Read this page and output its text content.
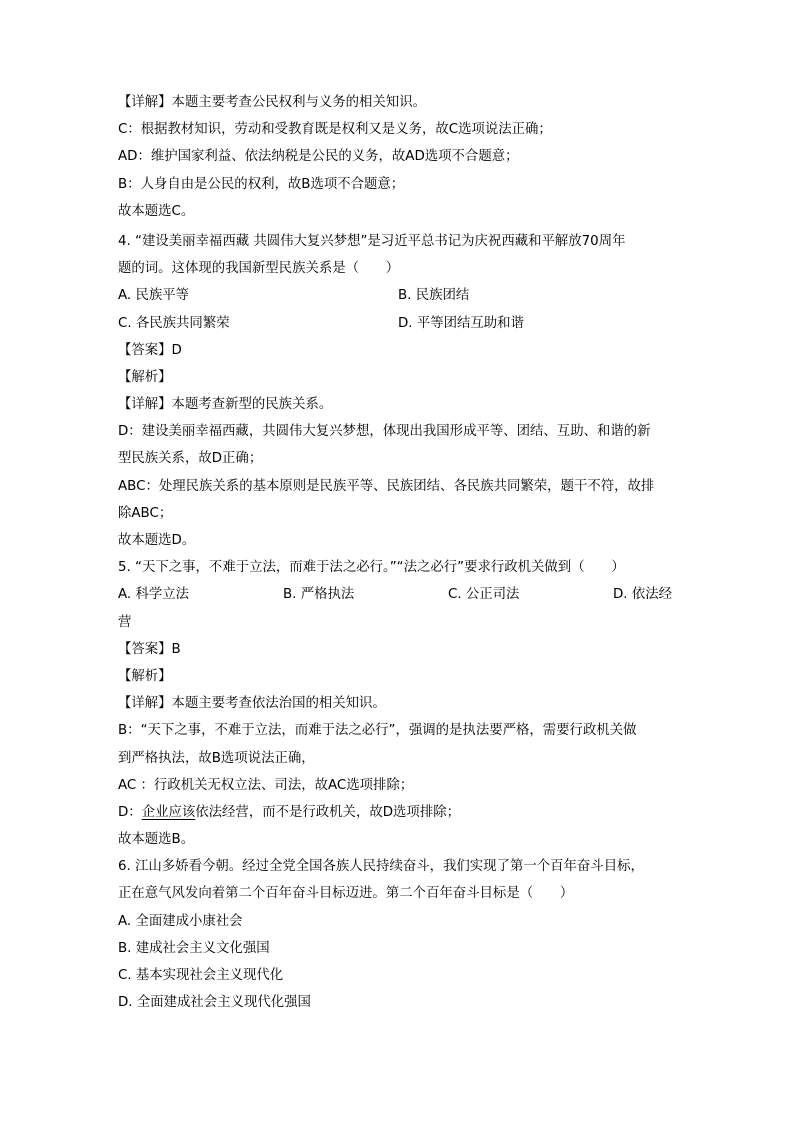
【详解】本题主要考查公民权利与义务的相关知识。
C：根据教材知识，劳动和受教育既是权利又是义务，故C选项说法正确；
AD：维护国家利益、依法纳税是公民的义务，故AD选项不合题意；
B：人身自由是公民的权利，故B选项不合题意；
故本题选C。
4. “建设美丽幸福西藏 共圆伟大复兴梦想”是习近平总书记为庆祝西藏和平解放70周年
题的词。这体现的我国新型民族关系是（　　）
A. 民族平等	B. 民族团结
C. 各民族共同繁荣	D. 平等团结互助和谐
【答案】D
【解析】
【详解】本题考查新型的民族关系。
D：建设美丽幸福西藏，共圆伟大复兴梦想，体现出我国形成平等、团结、互助、和谐的新
型民族关系，故D正确；
ABC：处理民族关系的基本原则是民族平等、民族团结、各民族共同繁荣，题干不符，故排
除ABC；
故本题选D。
5. “天下之事，不难于立法，而难于法之必行。”“法之必行”要求行政机关做到（　　）
A. 科学立法	B. 严格执法	C. 公正司法	D. 依法经
营
【答案】B
【解析】
【详解】本题主要考查依法治国的相关知识。
B：“天下之事，不难于立法，而难于法之必行”，强调的是执法要严格，需要行政机关做
到严格执法，故B选项说法正确，
AC ：行政机关无权立法、司法，故AC选项排除；
D：企业应该依法经营，而不是行政机关，故D选项排除；
故本题选B。
6. 江山多娇看今朝。经过全党全国各族人民持续奋斗，我们实现了第一个百年奋斗目标，
正在意气风发向着第二个百年奋斗目标迈进。第二个百年奋斗目标是（　　）
A. 全面建成小康社会
B. 建成社会主义文化强国
C. 基本实现社会主义现代化
D. 全面建成社会主义现代化强国
